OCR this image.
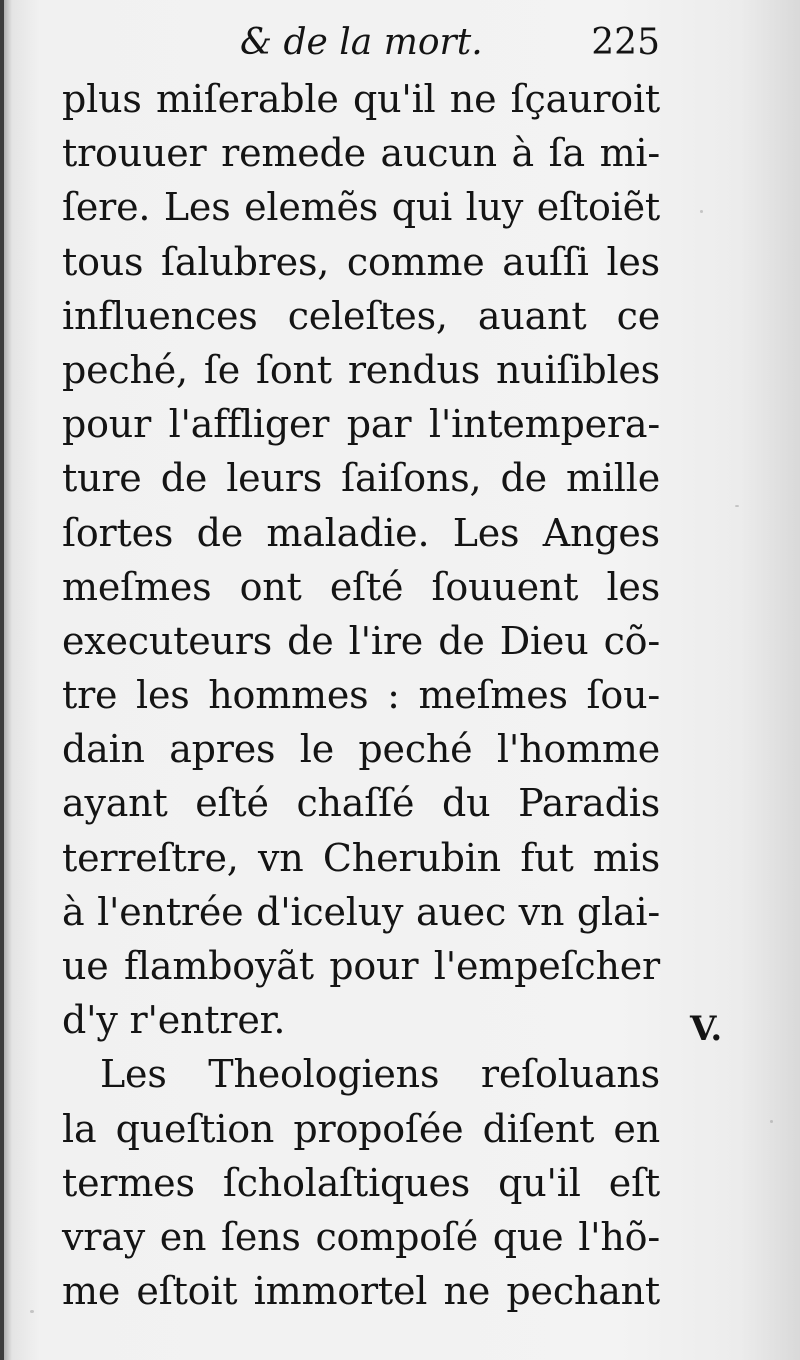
& de la mort.	225
plus miſerable qu'il ne ſçauroit
trouuer remede aucun à ſa mi-
ſere. Les elemẽs qui luy eſtoiẽt
tous ſalubres, comme auſſi les
influences celeſtes, auant ce
peché, ſe ſont rendus nuiſibles
pour l'affliger par l'intempera-
ture de leurs ſaiſons, de mille
ſortes de maladie. Les Anges
meſmes ont eſté ſouuent les
executeurs de l'ire de Dieu cõ-
tre les hommes : meſmes ſou-
dain apres le peché l'homme
ayant eſté chaſſé du Paradis
terreſtre, vn Cherubin fut mis
à l'entrée d'iceluy auec vn glai-
ue flamboyãt pour l'empeſcher
d'y r'entrer.
Les Theologiens reſoluans
la queſtion propoſée diſent en
termes ſcholaſtiques qu'il eſt
vray en ſens compoſé que l'hõ-
me eſtoit immortel ne pechant
V.
